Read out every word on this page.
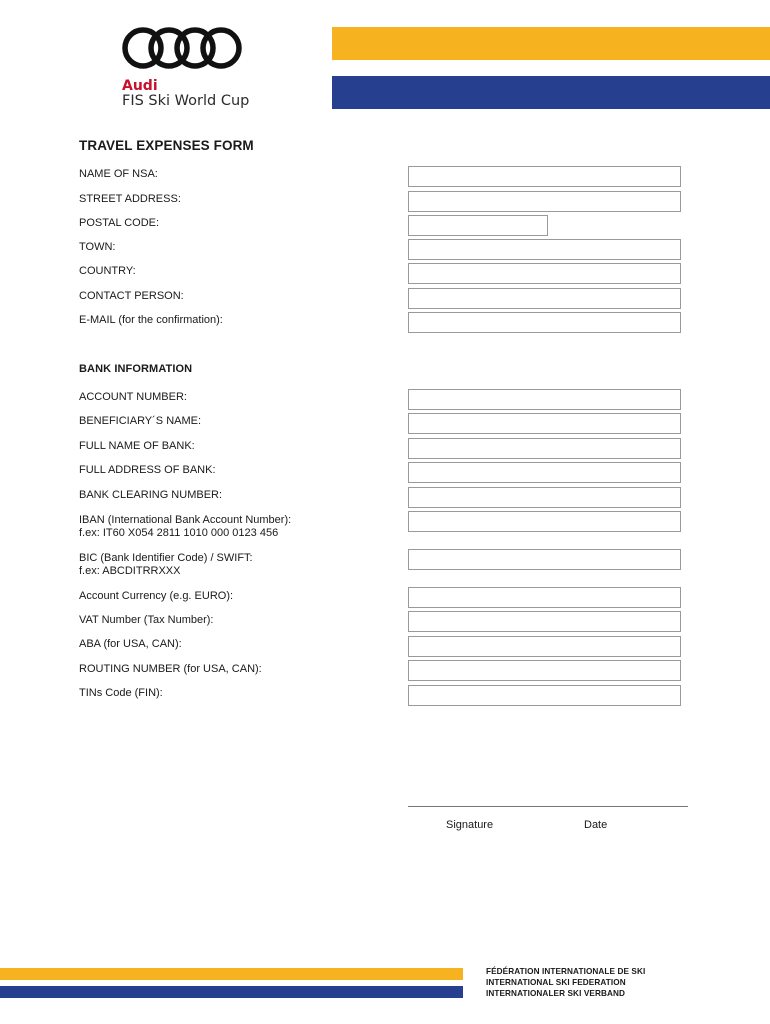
Audi
FIS Ski World Cup
TRAVEL EXPENSES FORM
NAME OF NSA:
STREET ADDRESS:
POSTAL CODE:
TOWN:
COUNTRY:
CONTACT PERSON:
E-MAIL (for the confirmation):
BANK INFORMATION
ACCOUNT NUMBER:
BENEFICIARY´S NAME:
FULL NAME OF BANK:
FULL ADDRESS OF BANK:
BANK CLEARING NUMBER:
IBAN (International Bank Account Number):
f.ex: IT60 X054 2811 1010 000 0123 456
BIC (Bank Identifier Code) / SWIFT:
f.ex: ABCDITRRXXX
Account Currency (e.g. EURO):
VAT Number (Tax Number):
ABA (for USA, CAN):
ROUTING NUMBER (for USA, CAN):
TINs Code (FIN):
Signature	Date
FÉDÉRATION INTERNATIONALE DE SKI
INTERNATIONAL SKI FEDERATION
INTERNATIONALER SKI VERBAND
